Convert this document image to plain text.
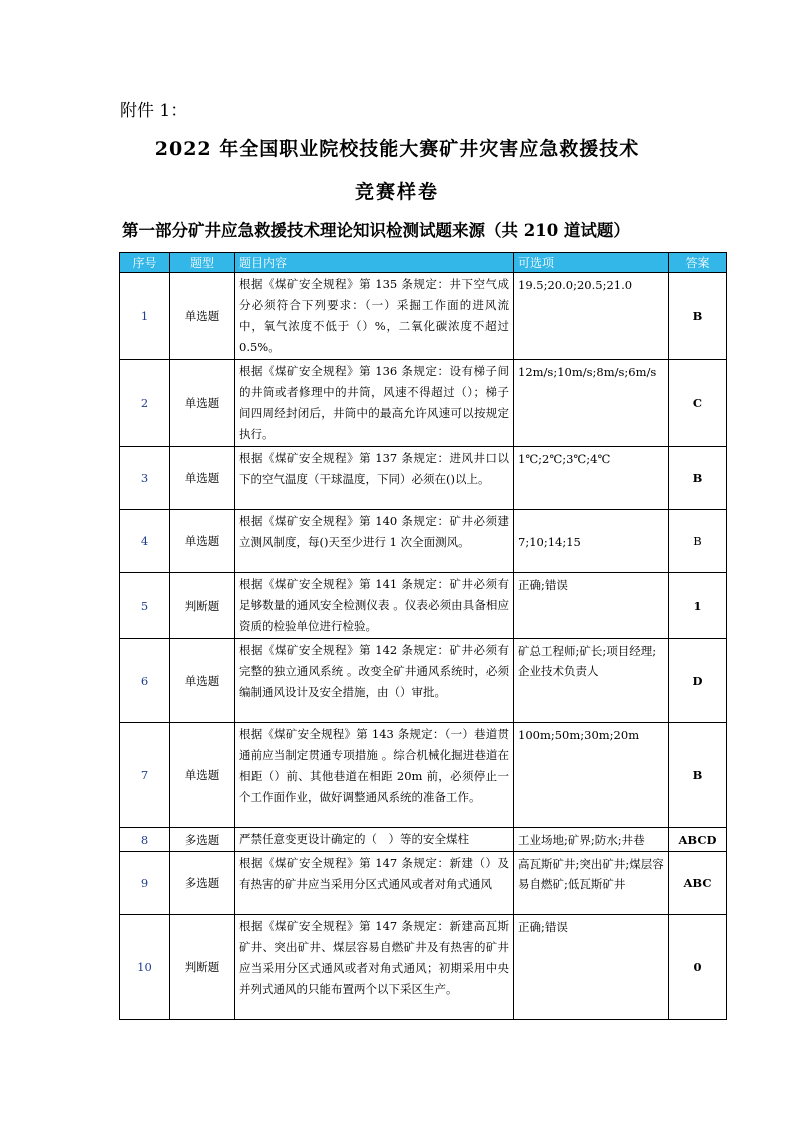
附件 1：
2022 年全国职业院校技能大赛矿井灾害应急救援技术
竞赛样卷
第一部分矿井应急救援技术理论知识检测试题来源（共 210 道试题）
序号	题型	题目内容	可选项	答案
1	单选题	根据《煤矿安全规程》第 135 条规定：井下空气成分必须符合下列要求：（一）采掘工作面的进风流中，氧气浓度不低于（）%，二氧化碳浓度不超过 0.5%。	19.5;20.0;20.5;21.0	B
2	单选题	根据《煤矿安全规程》第 136 条规定：设有梯子间的井筒或者修理中的井筒，风速不得超过（）；梯子间四周经封闭后，井筒中的最高允许风速可以按规定执行。	12m/s;10m/s;8m/s;6m/s	C
3	单选题	根据《煤矿安全规程》第 137 条规定：进风井口以下的空气温度（干球温度，下同）必须在()以上。	1℃;2℃;3℃;4℃	B
4	单选题	根据《煤矿安全规程》第 140 条规定：矿井必须建立测风制度，每()天至少进行 1 次全面测风。	7;10;14;15	B
5	判断题	根据《煤矿安全规程》第 141 条规定：矿井必须有足够数量的通风安全检测仪表 。仪表必须由具备相应资质的检验单位进行检验。	正确;错误	1
6	单选题	根据《煤矿安全规程》第 142 条规定：矿井必须有完整的独立通风系统 。改变全矿井通风系统时，必须编制通风设计及安全措施，由（）审批。	矿总工程师;矿长;项目经理;企业技术负责人	D
7	单选题	根据《煤矿安全规程》第 143 条规定：（一）巷道贯通前应当制定贯通专项措施 。综合机械化掘进巷道在相距（）前、其他巷道在相距 20m 前，必须停止一个工作面作业，做好调整通风系统的准备工作。	100m;50m;30m;20m	B
8	多选题	严禁任意变更设计确定的（　）等的安全煤柱	工业场地;矿界;防水;井巷	ABCD
9	多选题	根据《煤矿安全规程》第 147 条规定：新建（）及有热害的矿井应当采用分区式通风或者对角式通风	高瓦斯矿井;突出矿井;煤层容易自燃矿;低瓦斯矿井	ABC
10	判断题	根据《煤矿安全规程》第 147 条规定：新建高瓦斯矿井、突出矿井、煤层容易自燃矿井及有热害的矿井应当采用分区式通风或者对角式通风；初期采用中央并列式通风的只能布置两个以下采区生产。	正确;错误	0
